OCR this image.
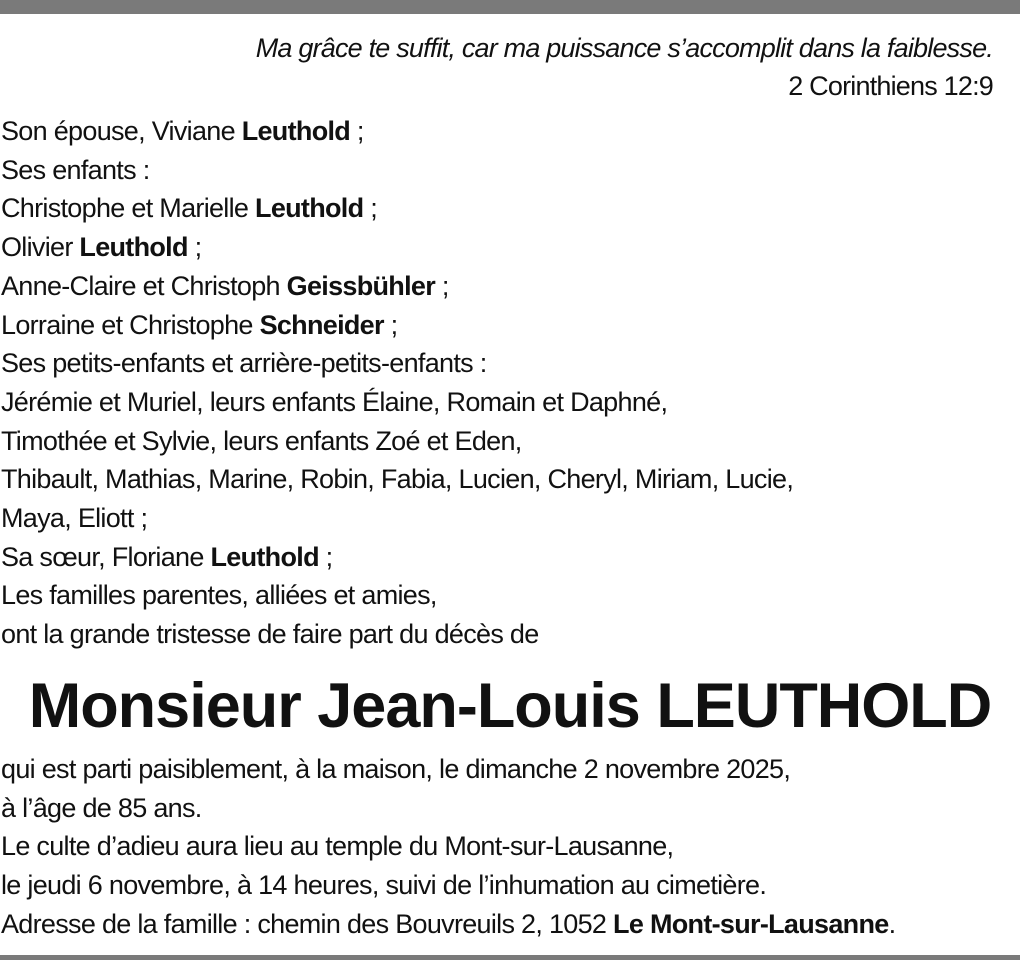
Ma grâce te suffit, car ma puissance s’accomplit dans la faiblesse.
2 Corinthiens 12:9
Son épouse, Viviane Leuthold ;
Ses enfants :
Christophe et Marielle Leuthold ;
Olivier Leuthold ;
Anne-Claire et Christoph Geissbühler ;
Lorraine et Christophe Schneider ;
Ses petits-enfants et arrière-petits-enfants :
Jérémie et Muriel, leurs enfants Élaine, Romain et Daphné,
Timothée et Sylvie, leurs enfants Zoé et Eden,
Thibault, Mathias, Marine, Robin, Fabia, Lucien, Cheryl, Miriam, Lucie,
Maya, Eliott ;
Sa sœur, Floriane Leuthold ;
Les familles parentes, alliées et amies,
ont la grande tristesse de faire part du décès de
Monsieur Jean-Louis LEUTHOLD
qui est parti paisiblement, à la maison, le dimanche 2 novembre 2025,
à l’âge de 85 ans.
Le culte d’adieu aura lieu au temple du Mont-sur-Lausanne,
le jeudi 6 novembre, à 14 heures, suivi de l’inhumation au cimetière.
Adresse de la famille : chemin des Bouvreuils 2, 1052 Le Mont-sur-Lausanne.
